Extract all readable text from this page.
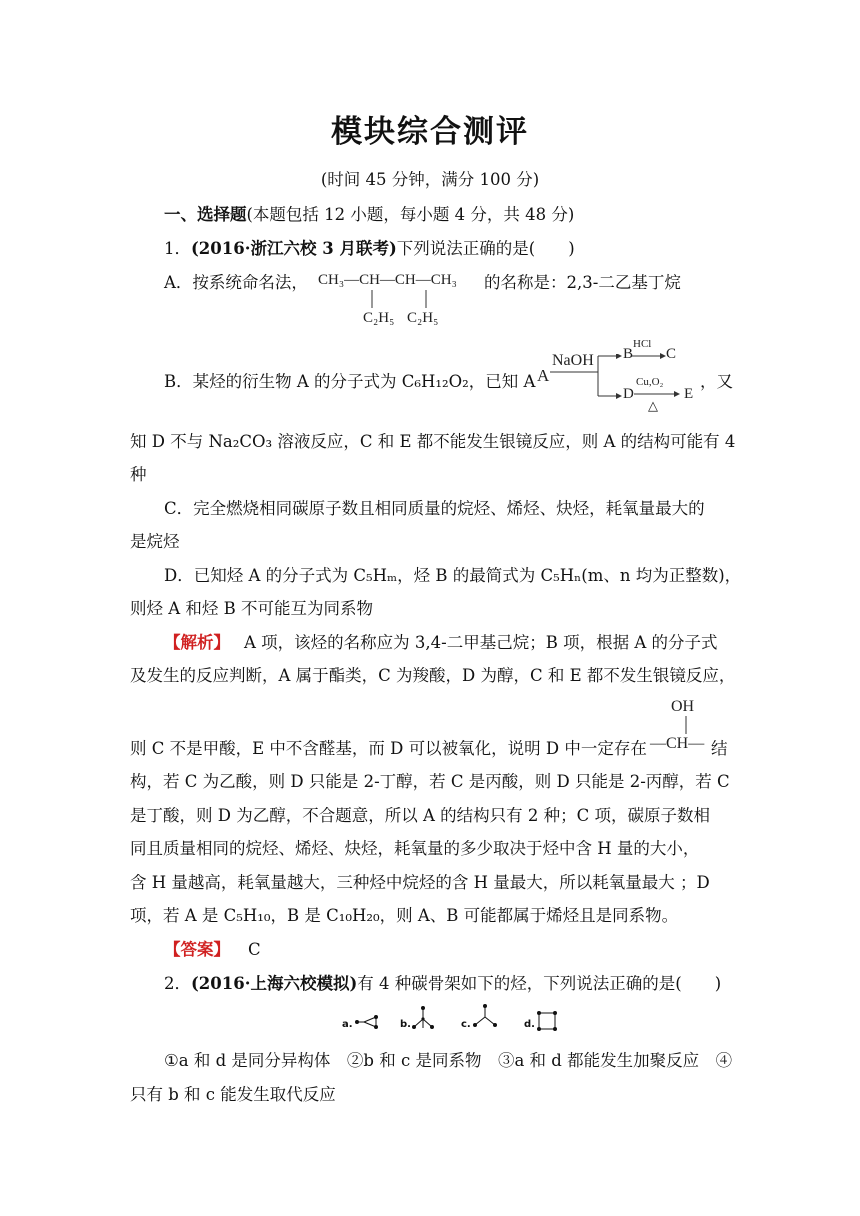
模块综合测评
(时间 45 分钟，满分 100 分)
一、选择题(本题包括 12 小题，每小题 4 分，共 48 分)
1．(2016·浙江六校 3 月联考)下列说法正确的是(　　)
A．按系统命名法， CH₃—CH—CH—CH₃
C₂H₅ C₂H₅
的名称是：2,3-二乙基丁烷
B．某烃的衍生物 A 的分子式为 C₆H₁₂O₂，已知 A A
NaOH B
HCl
C
D
Cu,O₂
△
E
，又
知 D 不与 Na₂CO₃ 溶液反应，C 和 E 都不能发生银镜反应，则 A 的结构可能有 4
种
C．完全燃烧相同碳原子数且相同质量的烷烃、烯烃、炔烃，耗氧量最大的
是烷烃
D．已知烃 A 的分子式为 C₅Hₘ，烃 B 的最简式为 C₅Hₙ(m、n 均为正整数)，
则烃 A 和烃 B 不可能互为同系物
【解析】 A 项，该烃的名称应为 3,4-二甲基己烷；B 项，根据 A 的分子式
及发生的反应判断，A 属于酯类，C 为羧酸，D 为醇，C 和 E 都不发生银镜反应，
OH
则 C 不是甲酸，E 中不含醛基，而 D 可以被氧化，说明 D 中一定存在 —CH— 结
构，若 C 为乙酸，则 D 只能是 2-丁醇，若 C 是丙酸，则 D 只能是 2-丙醇，若 C
是丁酸，则 D 为乙醇，不合题意，所以 A 的结构只有 2 种；C 项，碳原子数相
同且质量相同的烷烃、烯烃、炔烃，耗氧量的多少取决于烃中含 H 量的大小，
含 H 量越高，耗氧量越大，三种烃中烷烃的含 H 量最大，所以耗氧量最大 ；D
项，若 A 是 C₅H₁₀，B 是 C₁₀H₂₀，则 A、B 可能都属于烯烃且是同系物。
【答案】 C
2．(2016·上海六校模拟)有 4 种碳骨架如下的烃，下列说法正确的是(　　)
a.	b.	c.	d.
①a 和 d 是同分异构体　②b 和 c 是同系物　③a 和 d 都能发生加聚反应　④
只有 b 和 c 能发生取代反应
